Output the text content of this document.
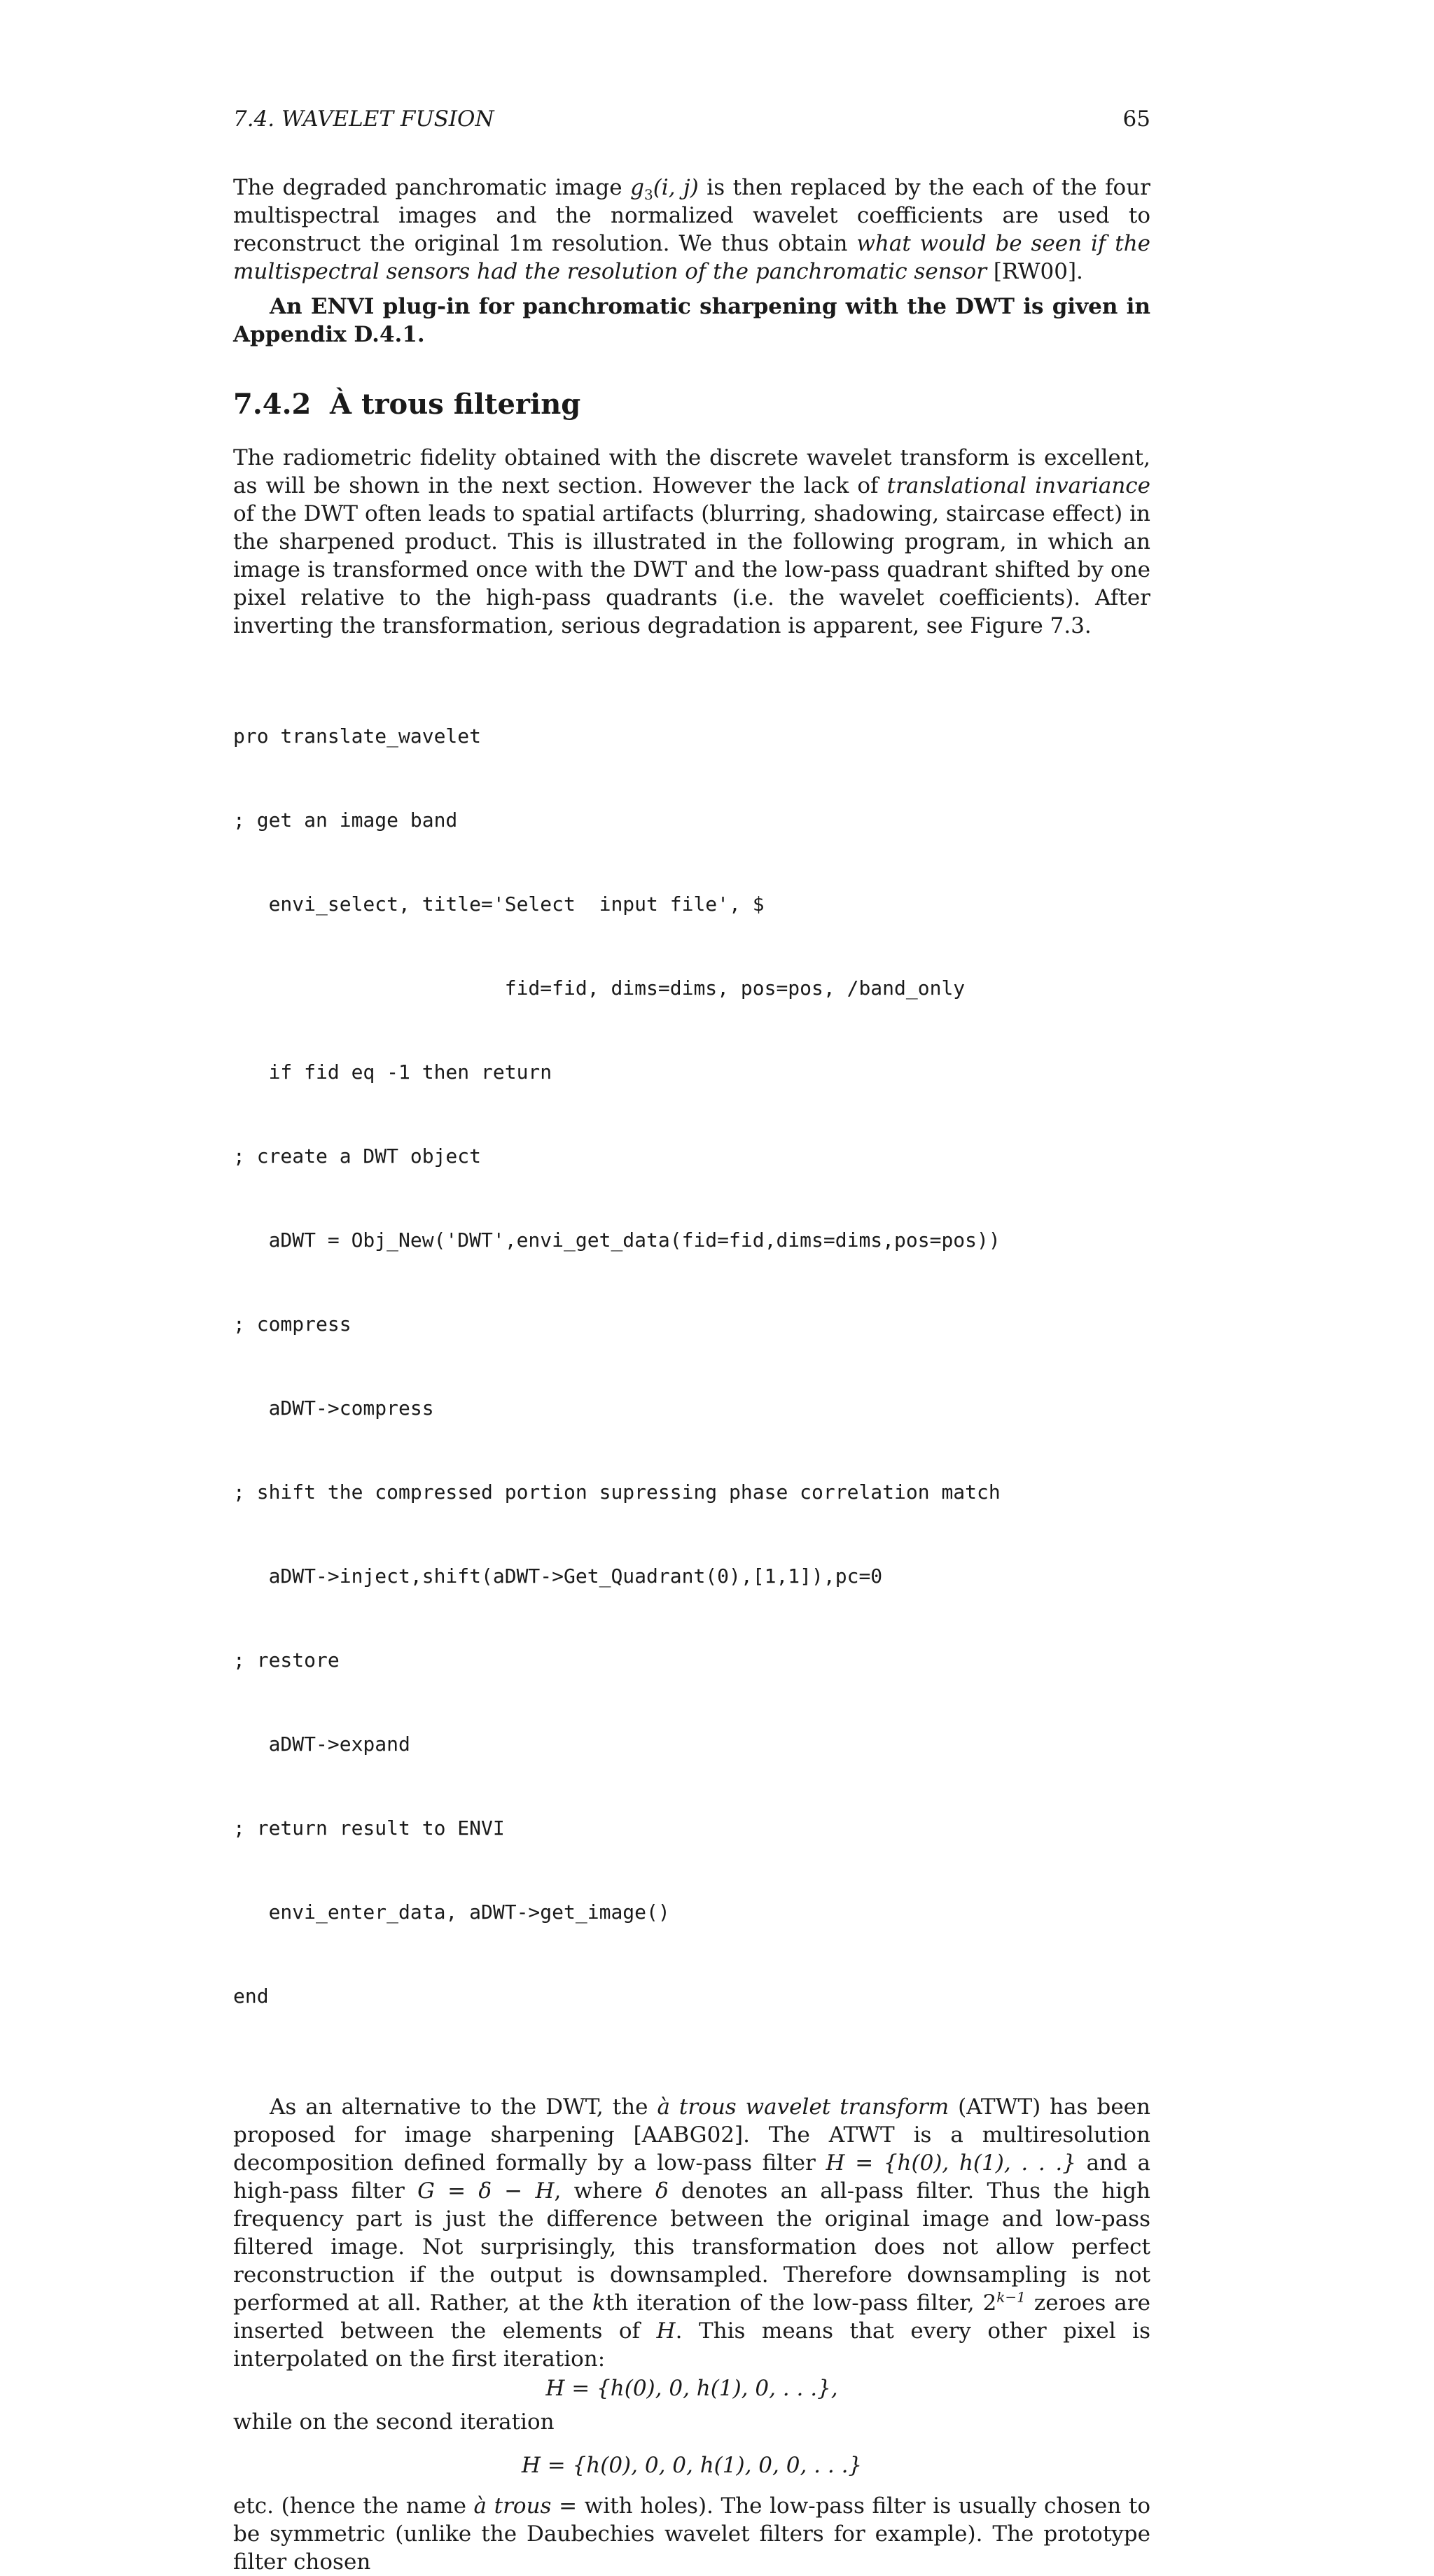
7.4. WAVELET FUSION	65

The degraded panchromatic image $g_3(i$, j) is then replaced by the each of the four multispectral images and the normalized wavelet coefficients are used to reconstruct the original 1m resolution. We thus obtain what would be seen if the multispectral sensors had the resolution of the panchromatic sensor [RW00].

An ENVI plug-in for panchromatic sharpening with the DWT is given in Appendix D.4.1.

7.4.2 À trous filtering

The radiometric fidelity obtained with the discrete wavelet transform is excellent, as will be shown in the next section. However the lack of translational invariance of the DWT often leads to spatial artifacts (blurring, shadowing, staircase effect) in the sharpened product. This is illustrated in the following program, in which an image is transformed once with the DWT and the low-pass quadrant shifted by one pixel relative to the high-pass quadrants (i.e. the wavelet coefficients). After inverting the transformation, serious degradation is apparent, see Figure 7.3.

pro translate_wavelet

; get an image band

envi_select, title='Select  input file', $

fid=fid, dims=dims, pos=pos, /band_only

if fid eq -1 then return

; create a DWT object

aDWT = Obj_New('DWT',envi_get_data(fid=fid,dims=dims,pos=pos))

; compress

aDWT->compress

; shift the compressed portion supressing phase correlation match

aDWT->inject,shift(aDWT->Get_Quadrant(0),[1,1]),pc=0

; restore

aDWT->expand

; return result to ENVI

envi_enter_data, aDWT->get_image()

end

As an alternative to the DWT, the à trous wavelet transform (ATWT) has been proposed for image sharpening [AABG02]. The ATWT is a multiresolution decomposition defined formally by a low-pass filter H = {h(0), h(1), . . .} and a high-pass filter G = δ − H, where δ denotes an all-pass filter. Thus the high frequency part is just the difference between the original image and low-pass filtered image. Not surprisingly, this transformation does not allow perfect reconstruction if the output is downsampled. Therefore downsampling is not performed at all. Rather, at the kth iteration of the low-pass filter, $2^{k-1}$ zeroes are inserted between the elements of H. This means that every other pixel is interpolated on the first iteration:

H = {h(0), 0, h(1), 0, . . .},

while on the second iteration

H = {h(0), 0, 0, h(1), 0, 0, . . .}

etc. (hence the name à trous = with holes). The low-pass filter is usually chosen to be symmetric (unlike the Daubechies wavelet filters for example). The prototype filter chosen
